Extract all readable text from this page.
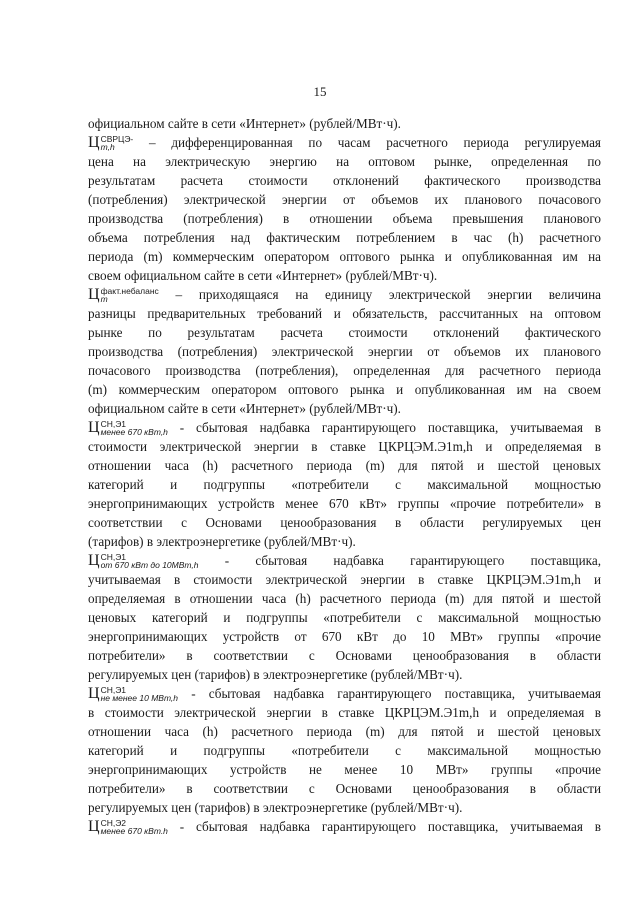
15
официальном сайте в сети «Интернет» (рублей/МВт·ч).
Ц СВРЦЭ-
m,h	– дифференцированная по часам расчетного периода регулируемая
цена на электрическую энергию на оптовом рынке, определенная по
результатам расчета стоимости отклонений фактического производства
(потребления) электрической энергии от объемов их планового почасового
производства (потребления) в отношении объема превышения планового
объема потребления над фактическим потреблением в час (h) расчетного
периода (m) коммерческим оператором оптового рынка и опубликованная им на
своем официальном сайте в сети «Интернет» (рублей/МВт·ч).
Ц факт.небаланс
m	– приходящаяся на единицу электрической энергии величина
разницы предварительных требований и обязательств, рассчитанных на оптовом
рынке по результатам расчета стоимости отклонений фактического
производства (потребления) электрической энергии от объемов их планового
почасового производства (потребления), определенная для расчетного периода
(m) коммерческим оператором оптового рынка и опубликованная им на своем
официальном сайте в сети «Интернет» (рублей/МВт·ч).
Ц СН,Э1
менее 670 кВт,h - сбытовая надбавка гарантирующего поставщика, учитываемая в
стоимости электрической энергии в ставке ЦКРЦЭМ.Э1m,h и определяемая в
отношении часа (h) расчетного периода (m) для пятой и шестой ценовых
категорий и подгруппы «потребители с максимальной мощностью
энергопринимающих устройств менее 670 кВт» группы «прочие потребители» в
соответствии с Основами ценообразования в области регулируемых цен
(тарифов) в электроэнергетике (рублей/МВт·ч).
Ц СН,Э1
от 670 кВт до 10МВт,h - сбытовая надбавка гарантирующего поставщика,
учитываемая в стоимости электрической энергии в ставке ЦКРЦЭМ.Э1m,h и
определяемая в отношении часа (h) расчетного периода (m) для пятой и шестой
ценовых категорий и подгруппы «потребители с максимальной мощностью
энергопринимающих устройств от 670 кВт до 10 МВт» группы «прочие
потребители» в соответствии с Основами ценообразования в области
регулируемых цен (тарифов) в электроэнергетике (рублей/МВт·ч).
Ц СН,Э1
не менее 10 МВт,h - сбытовая надбавка гарантирующего поставщика, учитываемая
в стоимости электрической энергии в ставке ЦКРЦЭМ.Э1m,h и определяемая в
отношении часа (h) расчетного периода (m) для пятой и шестой ценовых
категорий и подгруппы «потребители с максимальной мощностью
энергопринимающих устройств не менее 10 МВт» группы «прочие
потребители» в соответствии с Основами ценообразования в области
регулируемых цен (тарифов) в электроэнергетике (рублей/МВт·ч).
Ц СН,Э2
менее 670 кВт.h - сбытовая надбавка гарантирующего поставщика, учитываемая в
